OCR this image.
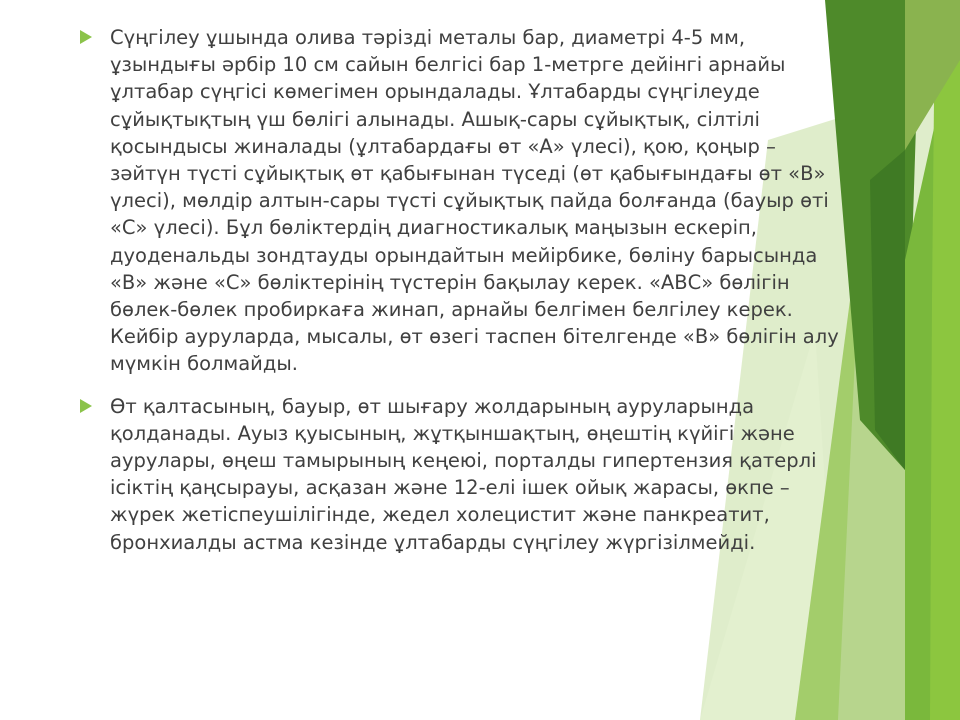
Сүңгілеу ұшында олива тәрізді металы бар, диаметрі 4-5 мм, ұзындығы әрбір 10 см сайын белгісі бар 1-метрге дейінгі арнайы ұлтабар сүңгісі көмегімен орындалады. Ұлтабарды сүңгілеуде сұйықтықтың үш бөлігі алынады. Ашық-сары сұйықтық, сілтілі қосындысы жиналады (ұлтабардағы өт «А» үлесі), қою, қоңыр – зәйтүн түсті сұйықтық өт қабығынан түседі (өт қабығындағы өт «В» үлесі), мөлдір алтын-сары түсті сұйықтық пайда болғанда (бауыр өті «С» үлесі). Бұл бөліктердің диагностикалық маңызын ескеріп, дуоденальды зондтауды орындайтын мейірбике, бөліну барысында «В» және «С» бөліктерінің түстерін бақылау керек. «АВС» бөлігін бөлек-бөлек пробиркаға жинап, арнайы белгімен белгілеу керек. Кейбір ауруларда, мысалы, өт өзегі таспен бітелгенде «В» бөлігін алу мүмкін болмайды.
Өт қалтасының, бауыр, өт шығару жолдарының ауруларында қолданады. Ауыз қуысының, жұтқыншақтың, өңештің күйігі және аурулары, өңеш тамырының кеңеюі, порталды гипертензия қатерлі ісіктің қаңсырауы, асқазан және 12-елі ішек ойық жарасы, өкпе – жүрек жетіспеушілігінде, жедел холецистит және панкреатит, бронхиалды астма кезінде ұлтабарды сүңгілеу жүргізілмейді.
